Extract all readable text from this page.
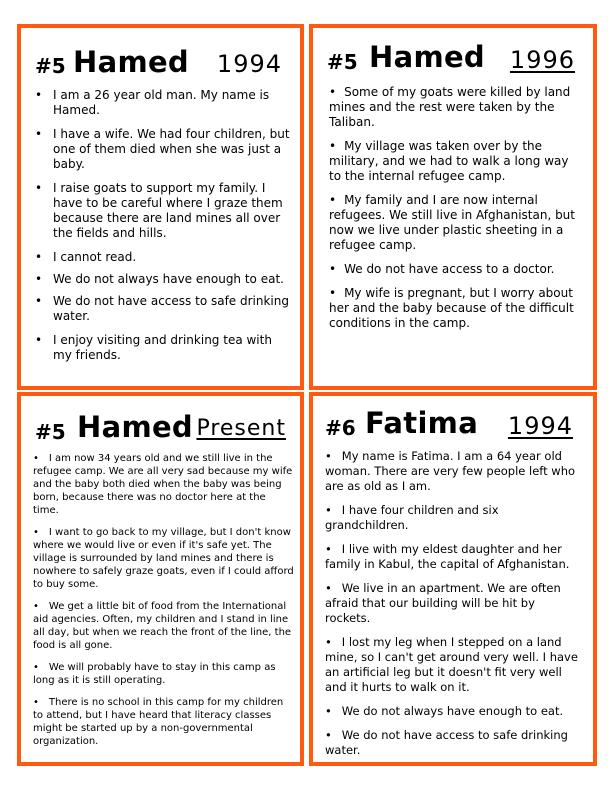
#5 Hamed 1994
• I am a 26 year old man. My name is Hamed.
• I have a wife. We had four children, but one of them died when she was just a baby.
• I raise goats to support my family. I have to be careful where I graze them because there are land mines all over the fields and hills.
• I cannot read.
• We do not always have enough to eat.
• We do not have access to safe drinking water.
• I enjoy visiting and drinking tea with my friends.
#5 Hamed 1996
• Some of my goats were killed by land mines and the rest were taken by the Taliban.
• My village was taken over by the military, and we had to walk a long way to the internal refugee camp.
• My family and I are now internal refugees. We still live in Afghanistan, but now we live under plastic sheeting in a refugee camp.
• We do not have access to a doctor.
• My wife is pregnant, but I worry about her and the baby because of the difficult conditions in the camp.
#5 Hamed Present
• I am now 34 years old and we still live in the refugee camp. We are all very sad because my wife and the baby both died when the baby was being born, because there was no doctor here at the time.
• I want to go back to my village, but I don't know where we would live or even if it's safe yet. The village is surrounded by land mines and there is nowhere to safely graze goats, even if I could afford to buy some.
• We get a little bit of food from the International aid agencies. Often, my children and I stand in line all day, but when we reach the front of the line, the food is all gone.
• We will probably have to stay in this camp as long as it is still operating.
• There is no school in this camp for my children to attend, but I have heard that literacy classes might be started up by a non-governmental organization.
#6 Fatima 1994
• My name is Fatima. I am a 64 year old woman. There are very few people left who are as old as I am.
• I have four children and six grandchildren.
• I live with my eldest daughter and her family in Kabul, the capital of Afghanistan.
• We live in an apartment. We are often afraid that our building will be hit by rockets.
• I lost my leg when I stepped on a land mine, so I can't get around very well. I have an artificial leg but it doesn't fit very well and it hurts to walk on it.
• We do not always have enough to eat.
• We do not have access to safe drinking water.
